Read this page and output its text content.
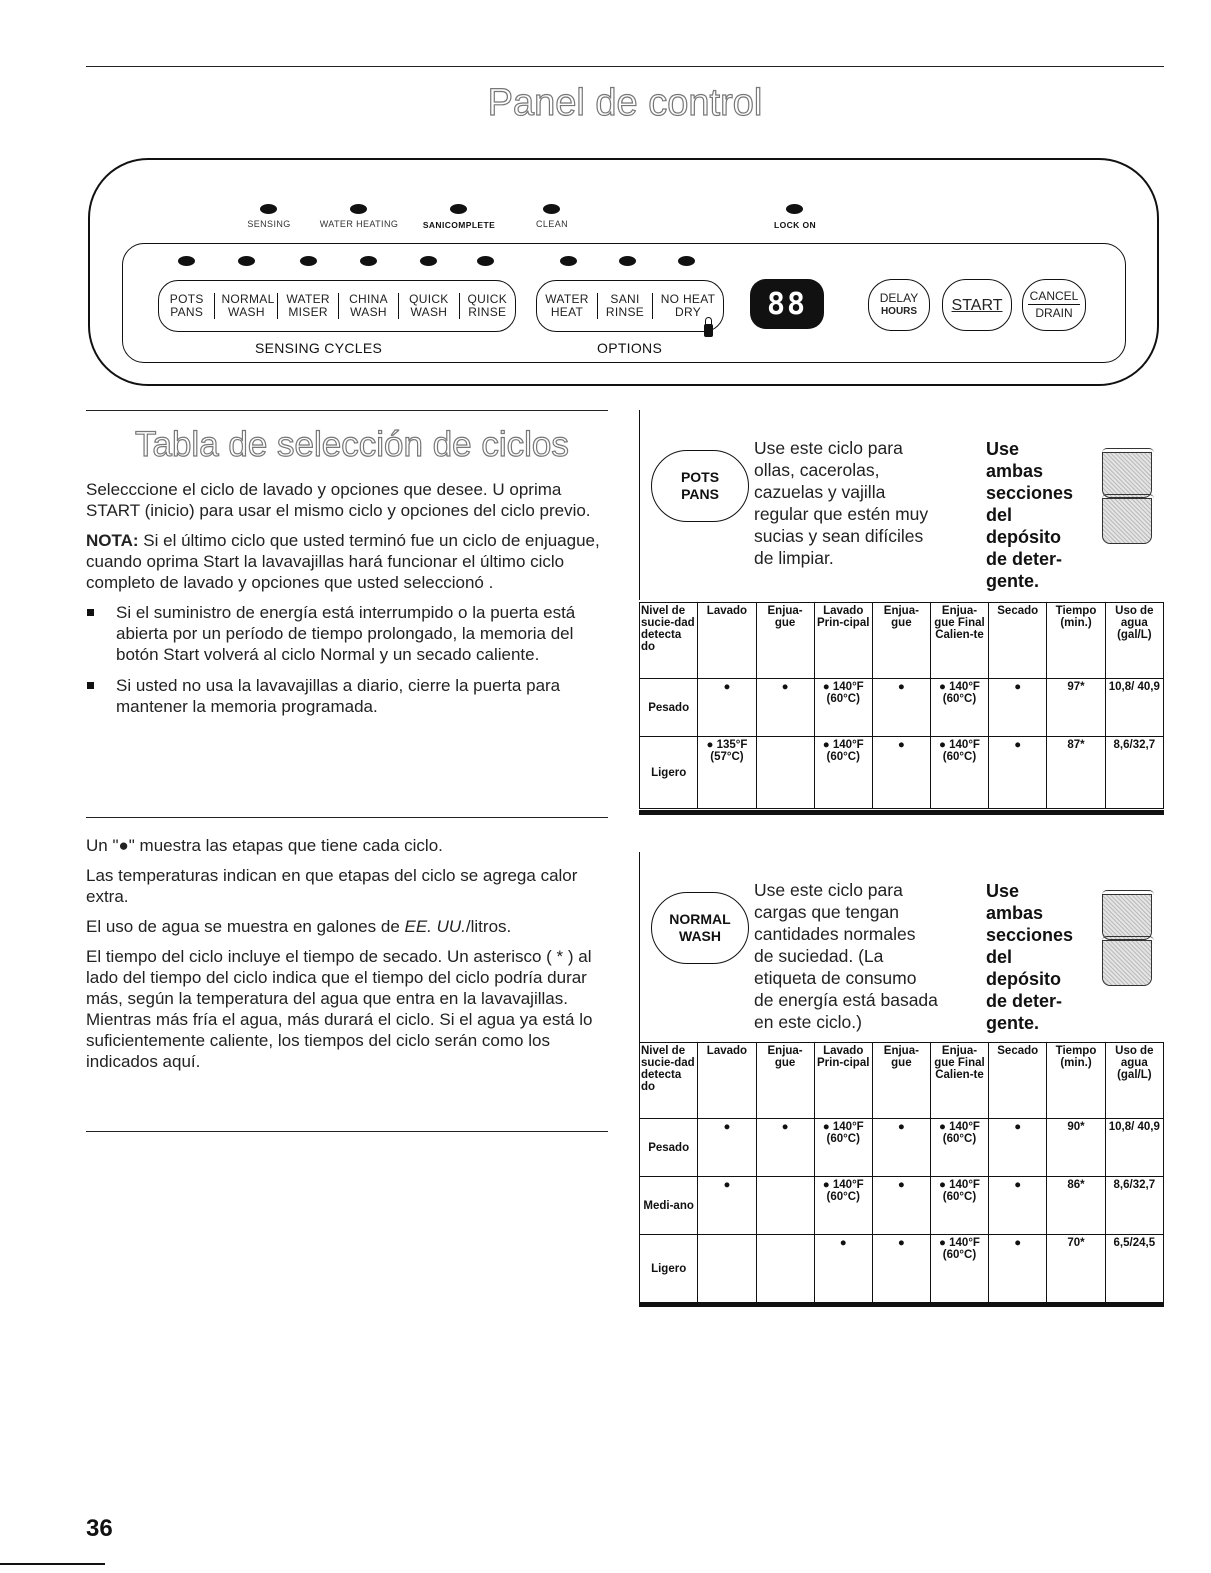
Panel de control
SENSING	WATER HEATING	SANICOMPLETE	CLEAN	LOCK ON
POTS
PANS
NORMAL
WASH
WATER
MISER
CHINA
WASH
QUICK
WASH
QUICK
RINSE
WATER
HEAT
SANI
RINSE
NO HEAT
DRY	88	DELAY
HOURS START
CANCEL
DRAIN
SENSING CYCLES	OPTIONS
Tabla de selección de ciclos

Selecccione el ciclo de lavado y opciones que desee. U oprima START (inicio) para usar el mismo ciclo y opciones del ciclo previo.

NOTA: Si el último ciclo que usted terminó fue un ciclo de enjuague, cuando oprima Start la lavavajillas hará funcionar el último ciclo completo de lavado y opciones que usted seleccionó .

Si el suministro de energía está interrumpido o la puerta está abierta por un período de tiempo prolongado, la memoria del botón Start volverá al ciclo Normal y un secado caliente.
Si usted no usa la lavavajillas a diario, cierre la puerta para mantener la memoria programada.

Un "●" muestra las etapas que tiene cada ciclo.

Las temperaturas indican en que etapas del ciclo se agrega calor extra.

El uso de agua se muestra en galones de EE. UU./litros.

El tiempo del ciclo incluye el tiempo de secado. Un asterisco ( * ) al lado del tiempo del ciclo indica que el tiempo del ciclo podría durar más, según la temperatura del agua que entra en la lavavajillas. Mientras más fría el agua, más durará el ciclo. Si el agua ya está lo suficientemente caliente, los tiempos del ciclo serán como los indicados aquí.

POTS
PANS
Use este ciclo para
ollas, cacerolas,
cazuelas y vajilla
regular que estén muy
sucias y sean difíciles
de limpiar.
Use
ambas
secciones
del
depósito
de deter-
gente.
Nivel de sucie-dad detecta do	Lavado	Enjua-gue	Lavado Prin-cipal	Enjua-gue	Enjua-gue Final Calien-te	Secado	Tiempo (min.)	Uso de agua (gal/L)
Pesado	●	●	● 140°F (60°C)	●	● 140°F (60°C)	●	97*	10,8/ 40,9
Ligero	● 135°F (57°C)		● 140°F (60°C)	●	● 140°F (60°C)	●	87*	8,6/32,7
NORMAL
WASH
Use este ciclo para
cargas que tengan
cantidades normales
de suciedad. (La
etiqueta de consumo
de energía está basada
en este ciclo.)
Use
ambas
secciones
del
depósito
de deter-
gente.
Nivel de sucie-dad detecta do	Lavado	Enjua-gue	Lavado Prin-cipal	Enjua-gue	Enjua-gue Final Calien-te	Secado	Tiempo (min.)	Uso de agua (gal/L)
Pesado	●	●	● 140°F (60°C)	●	● 140°F (60°C)	●	90*	10,8/ 40,9
Medi-ano	●		● 140°F (60°C)	●	● 140°F (60°C)	●	86*	8,6/32,7
Ligero			●	●	● 140°F (60°C)	●	70*	6,5/24,5
36
